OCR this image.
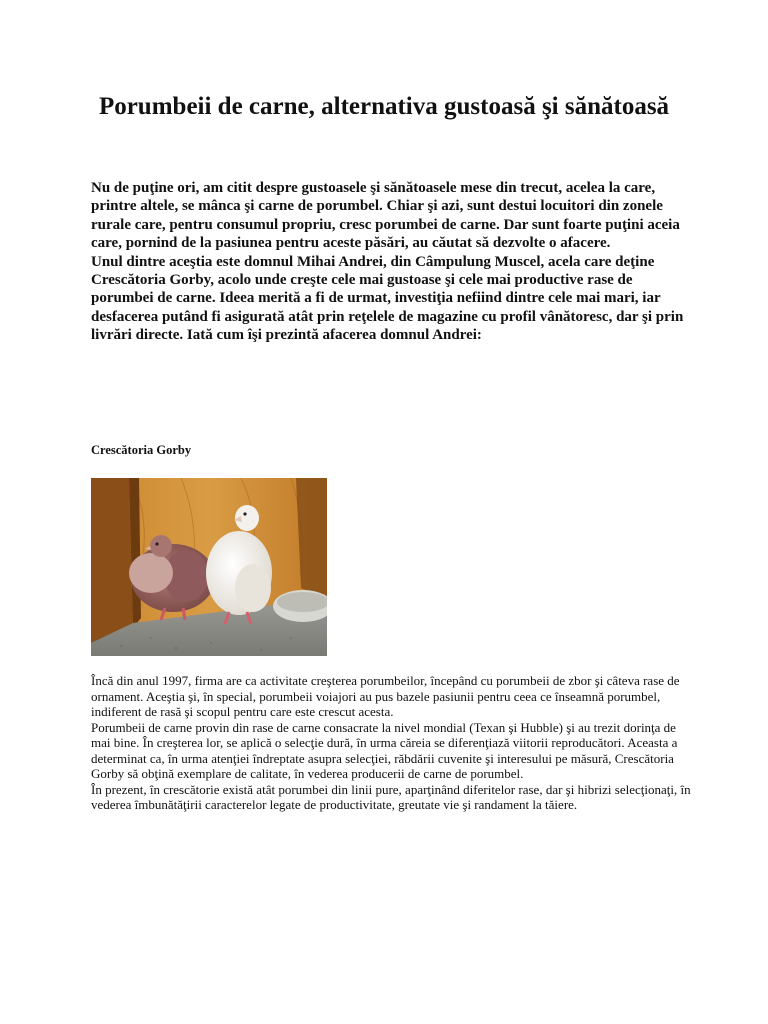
Porumbeii de carne, alternativa gustoasă şi sănătoasă

Nu de puţine ori, am citit despre gustoasele şi sănătoasele mese din trecut, acelea la care, printre altele, se mânca şi carne de porumbel. Chiar şi azi, sunt destui locuitori din zonele rurale care, pentru consumul propriu, cresc porumbei de carne. Dar sunt foarte puţini aceia care, pornind de la pasiunea pentru aceste păsări, au căutat să dezvolte o afacere.

Unul dintre aceştia este domnul Mihai Andrei, din Câmpulung Muscel, acela care deţine Crescătoria Gorby, acolo unde creşte cele mai gustoase şi cele mai productive rase de porumbei de carne. Ideea merită a fi de urmat, investiţia nefiind dintre cele mai mari, iar desfacerea putând fi asigurată atât prin reţelele de magazine cu profil vânătoresc, dar şi prin livrări directe. Iată cum îşi prezintă afacerea domnul Andrei:

Crescătoria Gorby

Încă din anul 1997, firma are ca activitate creşterea porumbeilor, începând cu porumbeii de zbor şi câteva rase de ornament. Aceştia şi, în special, porumbeii voiajori au pus bazele pasiunii pentru ceea ce înseamnă porumbel, indiferent de rasă şi scopul pentru care este crescut acesta.

Porumbeii de carne provin din rase de carne consacrate la nivel mondial (Texan şi Hubble) şi au trezit dorinţa de mai bine. În creşterea lor, se aplică o selecţie dură, în urma căreia se diferenţiază viitorii reproducători. Aceasta a determinat ca, în urma atenţiei îndreptate asupra selecţiei, răbdării cuvenite şi interesului pe măsură, Crescătoria Gorby să obţină exemplare de calitate, în vederea producerii de carne de porumbel.

În prezent, în crescătorie există atât porumbei din linii pure, aparţinând diferitelor rase, dar şi hibrizi selecţionaţi, în vederea îmbunătăţirii caracterelor legate de productivitate, greutate vie şi randament la tăiere.
